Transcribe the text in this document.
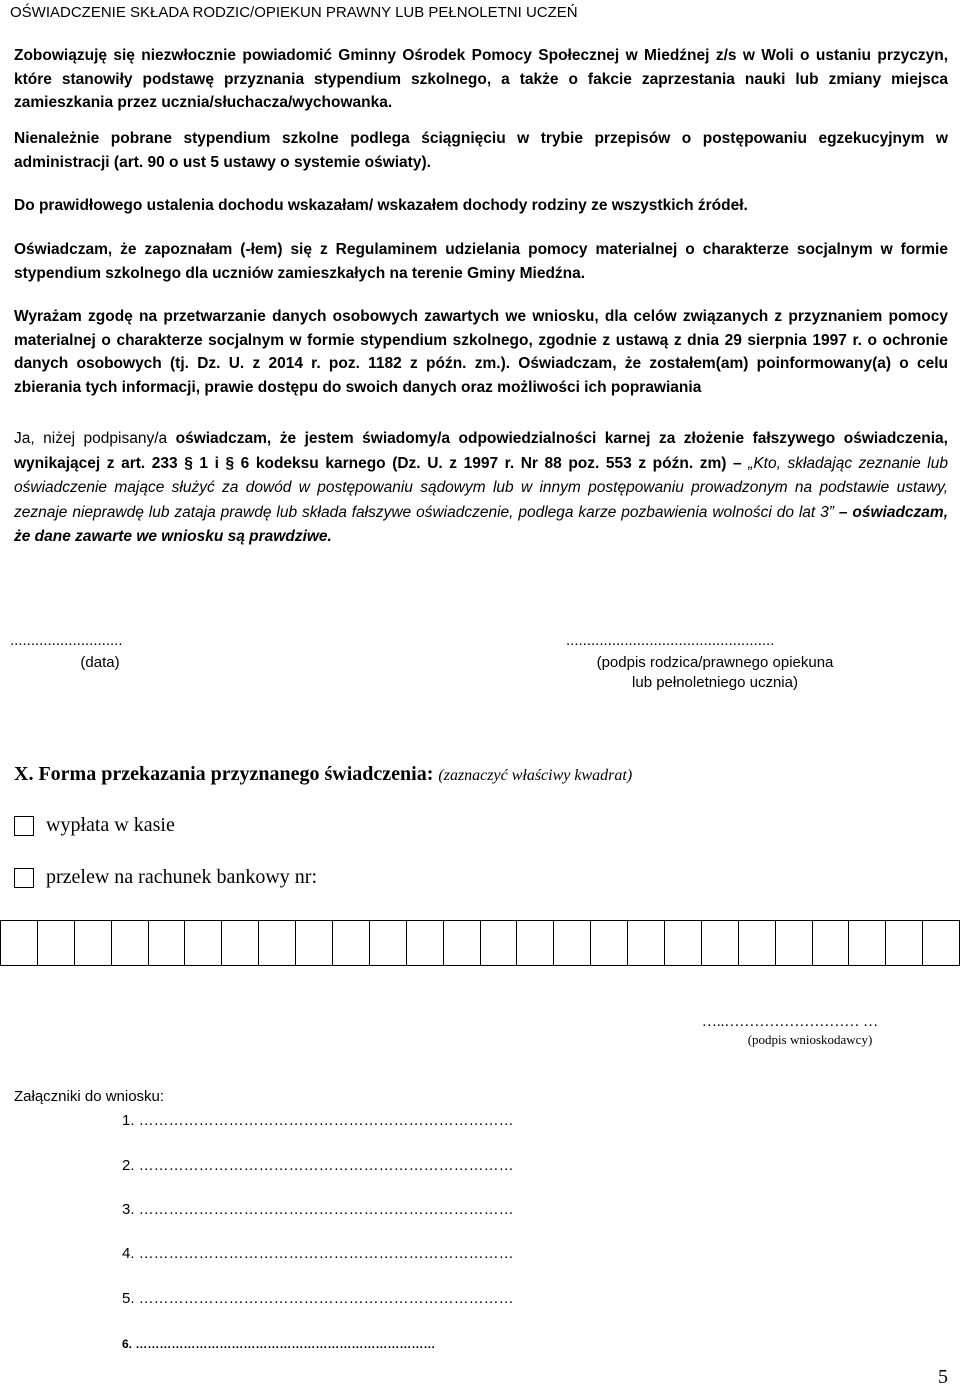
OŚWIADCZENIE SKŁADA RODZIC/OPIEKUN PRAWNY LUB PEŁNOLETNI UCZEŃ
Zobowiązuję się niezwłocznie powiadomić Gminny Ośrodek Pomocy Społecznej w Miedźnej z/s w Woli o ustaniu przyczyn, które stanowiły podstawę przyznania stypendium szkolnego, a także o fakcie zaprzestania nauki lub zmiany miejsca zamieszkania przez ucznia/słuchacza/wychowanka.
Nienależnie pobrane stypendium szkolne podlega ściągnięciu w trybie przepisów o postępowaniu egzekucyjnym w administracji (art. 90 o ust 5 ustawy o systemie oświaty).
Do prawidłowego ustalenia dochodu wskazałam/ wskazałem dochody rodziny ze wszystkich źródeł.
Oświadczam, że zapoznałam (-łem) się z Regulaminem udzielania pomocy materialnej o charakterze socjalnym w formie stypendium szkolnego dla uczniów zamieszkałych na terenie Gminy Miedźna.
Wyrażam zgodę na przetwarzanie danych osobowych zawartych we wniosku, dla celów związanych z przyznaniem pomocy materialnej o charakterze socjalnym w formie stypendium szkolnego, zgodnie z ustawą z dnia 29 sierpnia 1997 r. o ochronie danych osobowych (tj. Dz. U. z 2014 r. poz. 1182 z późn. zm.). Oświadczam, że zostałem(am) poinformowany(a) o celu zbierania tych informacji, prawie dostępu do swoich danych oraz możliwości ich poprawiania
Ja, niżej podpisany/a oświadczam, że jestem świadomy/a odpowiedzialności karnej za złożenie fałszywego oświadczenia, wynikającej z art. 233 § 1 i § 6 kodeksu karnego (Dz. U. z 1997 r. Nr 88 poz. 553 z późn. zm) – „Kto, składając zeznanie lub oświadczenie mające służyć za dowód w postępowaniu sądowym lub w innym postępowaniu prowadzonym na podstawie ustawy, zeznaje nieprawdę lub zataja prawdę lub składa fałszywe oświadczenie, podlega karze pozbawienia wolności do lat 3” – oświadczam, że dane zawarte we wniosku są prawdziwe.
...........................
(data)
..................................................
(podpis rodzica/prawnego opiekuna
lub pełnoletniego ucznia)
X. Forma przekazania przyznanego świadczenia: (zaznaczyć właściwy kwadrat)
wypłata w kasie
przelew na rachunek bankowy nr:
…..……………………… …
(podpis wnioskodawcy)
Załączniki do wniosku:
1. …………………………………………………………………
2. …………………………………………………………………
3. …………………………………………………………………
4. …………………………………………………………………
5. …………………………………………………………………
6. …………………………………………………………………
5
